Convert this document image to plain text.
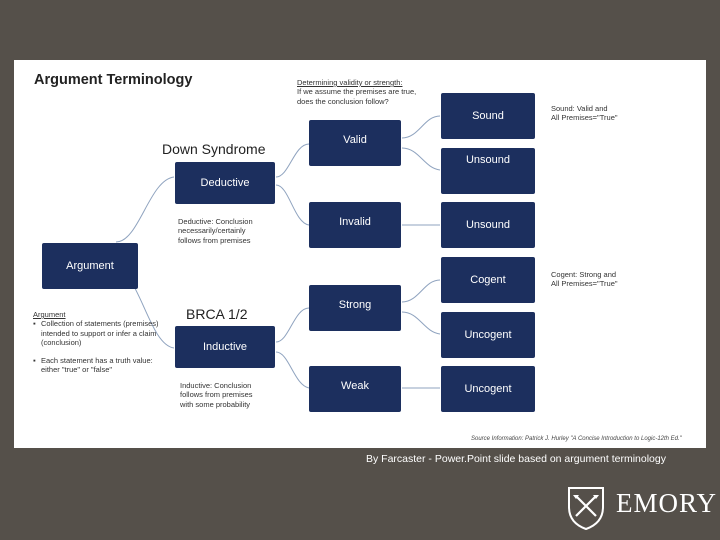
Argument Terminology	Determining validity or strength:
If we assume the premises are true,
does the conclusion follow?
Argument
Deductive
Inductive
Valid
Invalid
Strong
Weak
Sound
Unsound
Unsound
Cogent
Uncogent
Uncogent
Sound: Valid and
All Premises="True"
Cogent: Strong and
All Premises="True"
Deductive: Conclusion
necessarily/certainly
follows from premises
Inductive: Conclusion
follows from premises
with some probability
Argument
▪ Collection of statements (premises) intended to support or infer a claim (conclusion)
▪ Each statement has a truth value: either "true" or "false"
Source Information: Patrick J. Hurley "A Concise Introduction to Logic-12th Ed."
Down Syndrome
BRCA 1/2
By Farcaster - Power.Point slide based on argument terminology
EMORY
